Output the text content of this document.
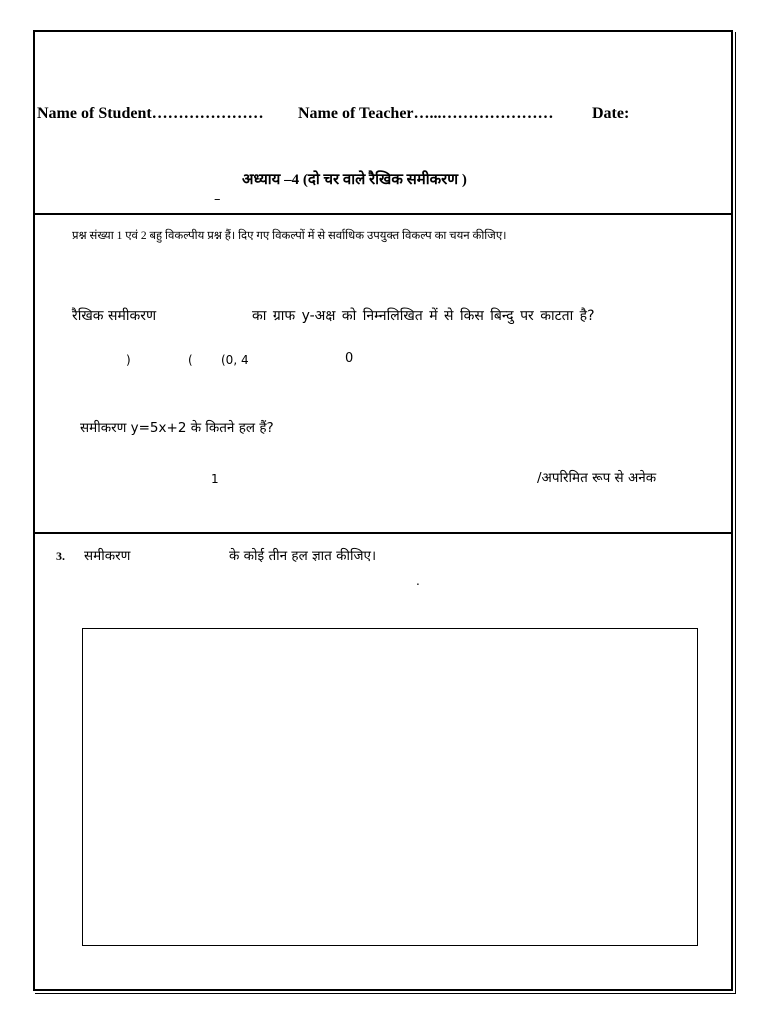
Name of Student………………… Name of Teacher…...………………… Date:
अध्याय –4 (दो चर वाले रैखिक समीकरण )
–
प्रश्न संख्या 1 एवं 2 बहु विकल्पीय प्रश्न हैं। दिए गए विकल्पों में से सर्वाधिक उपयुक्त विकल्प का चयन कीजिए।
रैखिक समीकरण	का ग्राफ y-अक्ष को निम्नलिखित में से किस बिन्दु पर काटता है?
)	( (0, 4	0
समीकरण y=5x+2 के कितने हल हैं?
1	/अपरिमित रूप से अनेक
3. समीकरण	के कोई तीन हल ज्ञात कीजिए।
.
